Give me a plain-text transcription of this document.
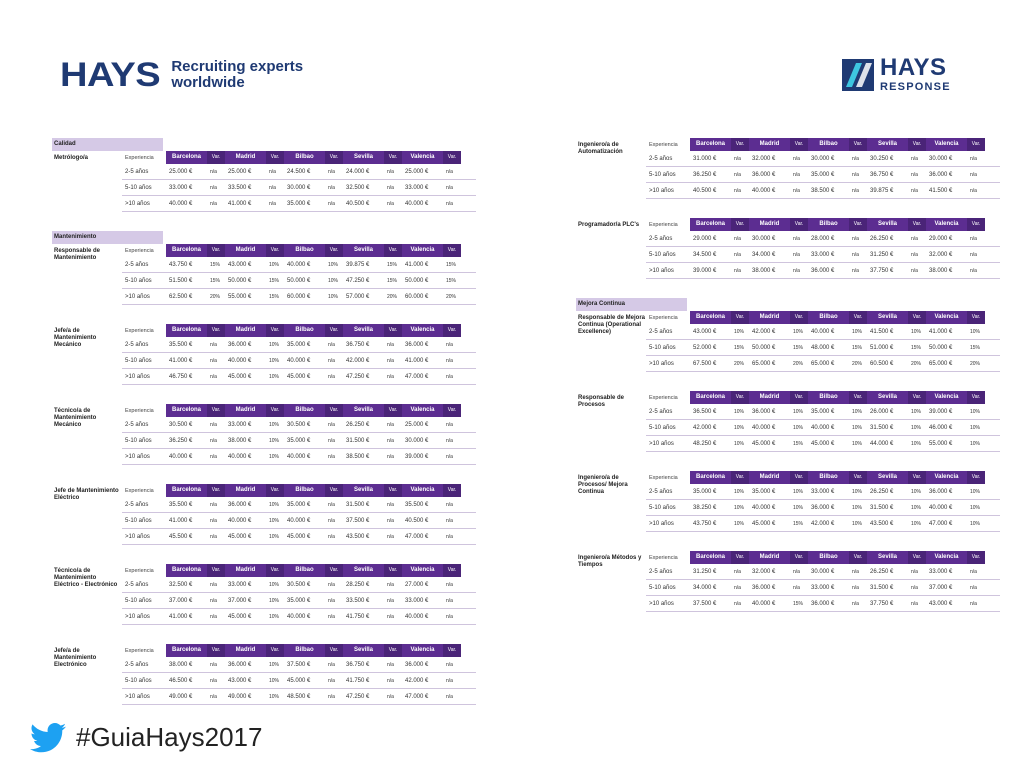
HAYS Recruiting experts
worldwide
HAYS
RESPONSE
Calidad
Metrólogo/a	Experiencia	Barcelona	Var.	Madrid	Var.	Bilbao	Var.	Sevilla	Var.	Valencia	Var.
2-5 años	25.000 €	n/a	25.000 €	n/a	24.500 €	n/a	24.000 €	n/a	25.000 €	n/a
5-10 años	33.000 €	n/a	33.500 €	n/a	30.000 €	n/a	32.500 €	n/a	33.000 €	n/a
>10 años	40.000 €	n/a	41.000 €	n/a	35.000 €	n/a	40.500 €	n/a	40.000 €	n/a
Mantenimiento
Responsable de Mantenimiento
Experiencia	Barcelona	Var.	Madrid	Var.	Bilbao	Var.	Sevilla	Var.	Valencia	Var.
2-5 años	43.750 €	15%	43.000 €	10%	40.000 €	10%	39.875 €	15%	41.000 €	15%
5-10 años	51.500 €	15%	50.000 €	15%	50.000 €	10%	47.250 €	15%	50.000 €	15%
>10 años	62.500 €	20%	55.000 €	15%	60.000 €	10%	57.000 €	20%	60.000 €	20%
Jefe/a de Mantenimiento Mecánico
Experiencia	Barcelona	Var.	Madrid	Var.	Bilbao	Var.	Sevilla	Var.	Valencia	Var.
2-5 años	35.500 €	n/a	36.000 €	10%	35.000 €	n/a	36.750 €	n/a	36.000 €	n/a
5-10 años	41.000 €	n/a	40.000 €	10%	40.000 €	n/a	42.000 €	n/a	41.000 €	n/a
>10 años	46.750 €	n/a	45.000 €	10%	45.000 €	n/a	47.250 €	n/a	47.000 €	n/a
Técnico/a de Mantenimiento Mecánico
Experiencia	Barcelona	Var.	Madrid	Var.	Bilbao	Var.	Sevilla	Var.	Valencia	Var.
2-5 años	30.500 €	n/a	33.000 €	10%	30.500 €	n/a	26.250 €	n/a	25.000 €	n/a
5-10 años	36.250 €	n/a	38.000 €	10%	35.000 €	n/a	31.500 €	n/a	30.000 €	n/a
>10 años	40.000 €	n/a	40.000 €	10%	40.000 €	n/a	38.500 €	n/a	39.000 €	n/a
Jefe de Mantenimiento Eléctrico
Experiencia	Barcelona	Var.	Madrid	Var.	Bilbao	Var.	Sevilla	Var.	Valencia	Var.
2-5 años	35.500 €	n/a	36.000 €	10%	35.000 €	n/a	31.500 €	n/a	35.500 €	n/a
5-10 años	41.000 €	n/a	40.000 €	10%	40.000 €	n/a	37.500 €	n/a	40.500 €	n/a
>10 años	45.500 €	n/a	45.000 €	10%	45.000 €	n/a	43.500 €	n/a	47.000 €	n/a
Técnico/a de Mantenimiento Eléctrico - Electrónico
Experiencia	Barcelona	Var.	Madrid	Var.	Bilbao	Var.	Sevilla	Var.	Valencia	Var.
2-5 años	32.500 €	n/a	33.000 €	10%	30.500 €	n/a	28.250 €	n/a	27.000 €	n/a
5-10 años	37.000 €	n/a	37.000 €	10%	35.000 €	n/a	33.500 €	n/a	33.000 €	n/a
>10 años	41.000 €	n/a	45.000 €	10%	40.000 €	n/a	41.750 €	n/a	40.000 €	n/a
Jefe/a de Mantenimiento Electrónico
Experiencia	Barcelona	Var.	Madrid	Var.	Bilbao	Var.	Sevilla	Var.	Valencia	Var.
2-5 años	38.000 €	n/a	36.000 €	10%	37.500 €	n/a	36.750 €	n/a	36.000 €	n/a
5-10 años	46.500 €	n/a	43.000 €	10%	45.000 €	n/a	41.750 €	n/a	42.000 €	n/a
>10 años	49.000 €	n/a	49.000 €	10%	48.500 €	n/a	47.250 €	n/a	47.000 €	n/a
Ingeniero/a de Automatización
Experiencia	Barcelona	Var.	Madrid	Var.	Bilbao	Var.	Sevilla	Var.	Valencia	Var.
2-5 años	31.000 €	n/a	32.000 €	n/a	30.000 €	n/a	30.250 €	n/a	30.000 €	n/a
5-10 años	36.250 €	n/a	36.000 €	n/a	35.000 €	n/a	36.750 €	n/a	36.000 €	n/a
>10 años	40.500 €	n/a	40.000 €	n/a	38.500 €	n/a	39.875 €	n/a	41.500 €	n/a
Programador/a PLC's	Experiencia	Barcelona	Var.	Madrid	Var.	Bilbao	Var.	Sevilla	Var.	Valencia	Var.
2-5 años	29.000 €	n/a	30.000 €	n/a	28.000 €	n/a	26.250 €	n/a	29.000 €	n/a
5-10 años	34.500 €	n/a	34.000 €	n/a	33.000 €	n/a	31.250 €	n/a	32.000 €	n/a
>10 años	39.000 €	n/a	38.000 €	n/a	36.000 €	n/a	37.750 €	n/a	38.000 €	n/a
Mejora Continua
Responsable de Mejora Continua (Operational Excellence)
Experiencia	Barcelona	Var.	Madrid	Var.	Bilbao	Var.	Sevilla	Var.	Valencia	Var.
2-5 años	43.000 €	10%	42.000 €	10%	40.000 €	10%	41.500 €	10%	41.000 €	10%
5-10 años	52.000 €	15%	50.000 €	15%	48.000 €	15%	51.000 €	15%	50.000 €	15%
>10 años	67.500 €	20%	65.000 €	20%	65.000 €	20%	60.500 €	20%	65.000 €	20%
Responsable de Procesos
Experiencia	Barcelona	Var.	Madrid	Var.	Bilbao	Var.	Sevilla	Var.	Valencia	Var.
2-5 años	36.500 €	10%	36.000 €	10%	35.000 €	10%	26.000 €	10%	39.000 €	10%
5-10 años	42.000 €	10%	40.000 €	10%	40.000 €	10%	31.500 €	10%	46.000 €	10%
>10 años	48.250 €	10%	45.000 €	15%	45.000 €	10%	44.000 €	10%	55.000 €	10%
Ingeniero/a de Procesos/ Mejora Continua
Experiencia	Barcelona	Var.	Madrid	Var.	Bilbao	Var.	Sevilla	Var.	Valencia	Var.
2-5 años	35.000 €	10%	35.000 €	10%	33.000 €	10%	26.250 €	10%	36.000 €	10%
5-10 años	38.250 €	10%	40.000 €	10%	36.000 €	10%	31.500 €	10%	40.000 €	10%
>10 años	43.750 €	10%	45.000 €	15%	42.000 €	10%	43.500 €	10%	47.000 €	10%
Ingeniero/a Métodos y Tiempos
Experiencia	Barcelona	Var.	Madrid	Var.	Bilbao	Var.	Sevilla	Var.	Valencia	Var.
2-5 años	31.250 €	n/a	32.000 €	n/a	30.000 €	n/a	26.250 €	n/a	33.000 €	n/a
5-10 años	34.000 €	n/a	36.000 €	n/a	33.000 €	n/a	31.500 €	n/a	37.000 €	n/a
>10 años	37.500 €	n/a	40.000 €	15%	36.000 €	n/a	37.750 €	n/a	43.000 €	n/a
#GuiaHays2017
